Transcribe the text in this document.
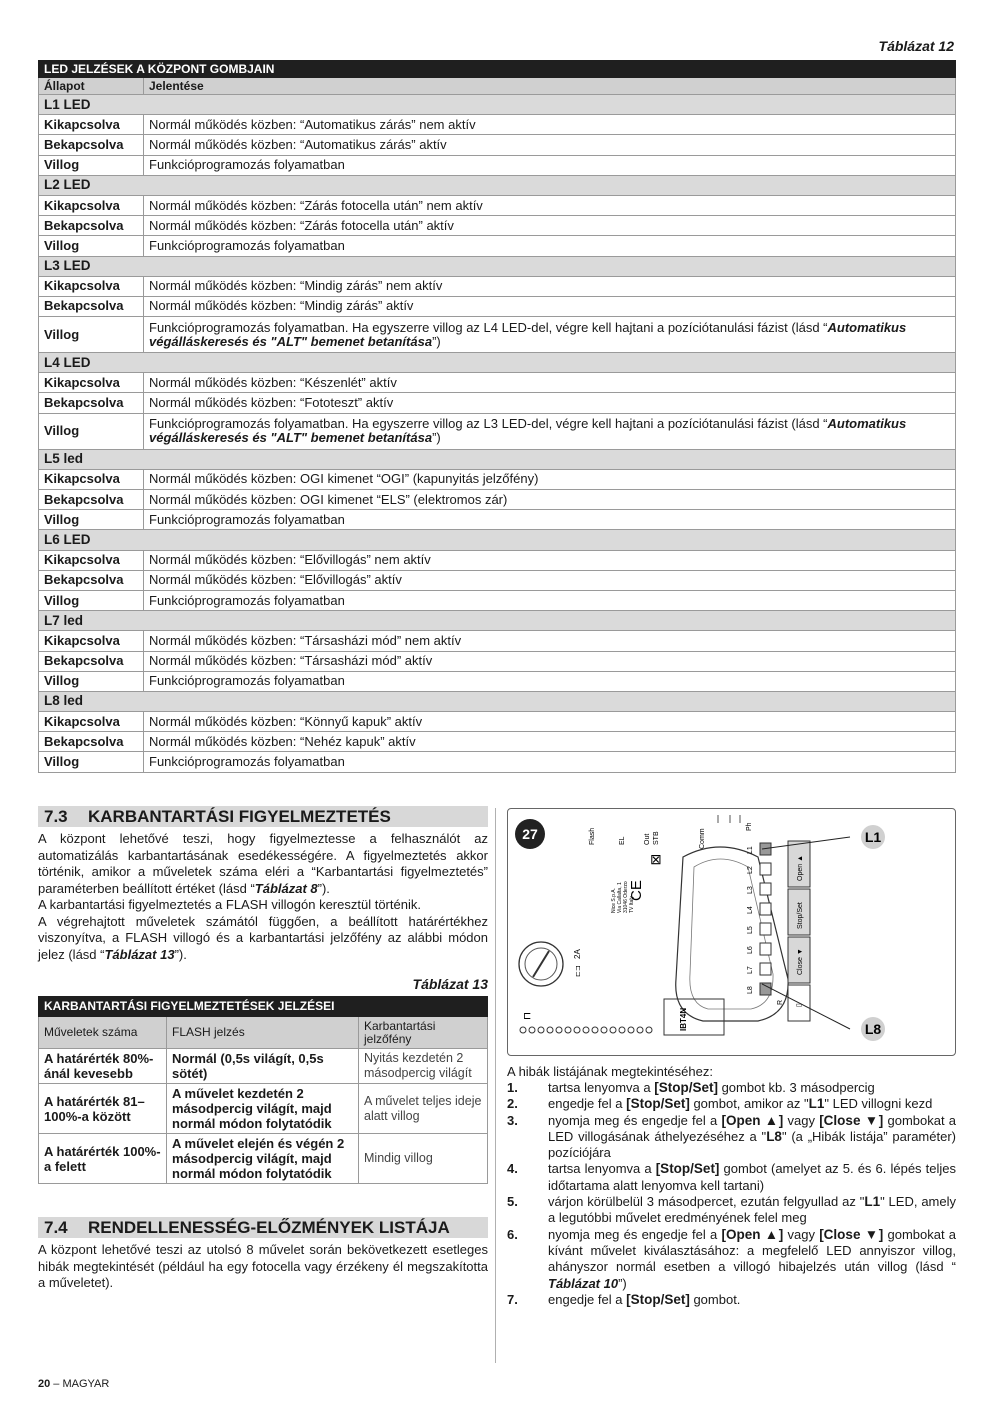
Táblázat 12
LED JELZÉSEK A KÖZPONT GOMBJAIN	
Állapot	Jelentése
L1 LED	
Kikapcsolva	Normál működés közben: “Automatikus zárás” nem aktív
Bekapcsolva	Normál működés közben: “Automatikus zárás” aktív
Villog	Funkcióprogramozás folyamatban
L2 LED	
Kikapcsolva	Normál működés közben: “Zárás fotocella után” nem aktív
Bekapcsolva	Normál működés közben: “Zárás fotocella után” aktív
Villog	Funkcióprogramozás folyamatban
L3 LED	
Kikapcsolva	Normál működés közben: “Mindig zárás” nem aktív
Bekapcsolva	Normál működés közben: “Mindig zárás” aktív
Villog	Funkcióprogramozás folyamatban. Ha egyszerre villog az L4 LED-del, végre kell hajtani a pozíciótanulási fázist (lásd “Automatikus végálláskeresés és "ALT" bemenet betanítása”)
L4 LED	
Kikapcsolva	Normál működés közben: “Készenlét” aktív
Bekapcsolva	Normál működés közben: “Fototeszt” aktív
Villog	Funkcióprogramozás folyamatban. Ha egyszerre villog az L3 LED-del, végre kell hajtani a pozíciótanulási fázist (lásd “Automatikus végálláskeresés és "ALT" bemenet betanítása”)
L5 led	
Kikapcsolva	Normál működés közben: OGI kimenet “OGI” (kapunyitás jelzőfény)
Bekapcsolva	Normál működés közben: OGI kimenet “ELS” (elektromos zár)
Villog	Funkcióprogramozás folyamatban
L6 LED	
Kikapcsolva	Normál működés közben: “Elővillogás” nem aktív
Bekapcsolva	Normál működés közben: “Elővillogás” aktív
Villog	Funkcióprogramozás folyamatban
L7 led	
Kikapcsolva	Normál működés közben: “Társasházi mód” nem aktív
Bekapcsolva	Normál működés közben: “Társasházi mód” aktív
Villog	Funkcióprogramozás folyamatban
L8 led	
Kikapcsolva	Normál működés közben: “Könnyű kapuk” aktív
Bekapcsolva	Normál működés közben: “Nehéz kapuk” aktív
Villog	Funkcióprogramozás folyamatban
7.3 KARBANTARTÁSI FIGYELMEZTETÉS

A központ lehetővé teszi, hogy figyelmeztesse a felhasználót az automatizálás karbantartásának esedékességére. A figyelmeztetés akkor történik, amikor a műveletek száma eléri a “Karbantartási figyelmeztetés” paraméterben beállított értéket (lásd “Táblázat 8”).

A karbantartási figyelmeztetés a FLASH villogón keresztül történik.

A végrehajtott műveletek számától függően, a beállított határértékhez viszonyítva, a FLASH villogó és a karbantartási jelzőfény az alábbi módon jelez (lásd “Táblázat 13”).

Táblázat 13
KARBANTARTÁSI FIGYELMEZTETÉSEK JELZÉSEI		
Műveletek száma	FLASH jelzés	Karbantartási jelzőfény
A határérték 80%-ánál kevesebb	Normál (0,5s világít, 0,5s sötét)	Nyitás kezdetén 2 másodpercig világít
A határérték 81–100%-a között	A művelet kezdetén 2 másodpercig világít, majd normál módon folytatódik	A művelet teljes ideje alatt villog
A határérték 100%-a felett	A művelet elején és végén 2 másodpercig világít, majd normál módon folytatódik	Mindig villog
7.4 RENDELLENESSÉG-ELŐZMÉNYEK LISTÁJA

A központ lehetővé teszi az utolsó 8 művelet során bekövetkezett esetleges hibák megtekintését (például ha egy fotocella vagy érzékeny él megszakította a műveletet).

27	Flash	EL	Out STB	Comm
Ph
⊠
CE
Nice S.p.A. Via Callalta, 1 31046 Oderzo TV Italy
⊏⊐
2A
⊏	IBT4N
L1
L2
L3
L4
L5
L6
L7
L8
R
Open ▲
Stop/Set
Close ▼
▭
L1
L8
A hibák listájának megtekintéséhez:
1.	tartsa lenyomva a [Stop/Set] gombot kb. 3 másodpercig
2.	engedje fel a [Stop/Set] gombot, amikor az "L1" LED villogni kezd
3.	nyomja meg és engedje fel a [Open ▲] vagy [Close ▼] gombokat a LED villogásának áthelyezéséhez a "L8" (a „Hibák listája” paraméter) pozíciójára
4.	tartsa lenyomva a [Stop/Set] gombot (amelyet az 5. és 6. lépés teljes időtartama alatt lenyomva kell tartani)
5.	várjon körülbelül 3 másodpercet, ezután felgyullad az "L1" LED, amely a legutóbbi művelet eredményének felel meg
6.	nyomja meg és engedje fel a [Open ▲] vagy [Close ▼] gombokat a kívánt művelet kiválasztásához: a megfelelő LED annyiszor villog, ahányszor normál esetben a villogó hibajelzés után villog (lásd “ Táblázat 10”)
7.	engedje fel a [Stop/Set] gombot.
20 – MAGYAR
